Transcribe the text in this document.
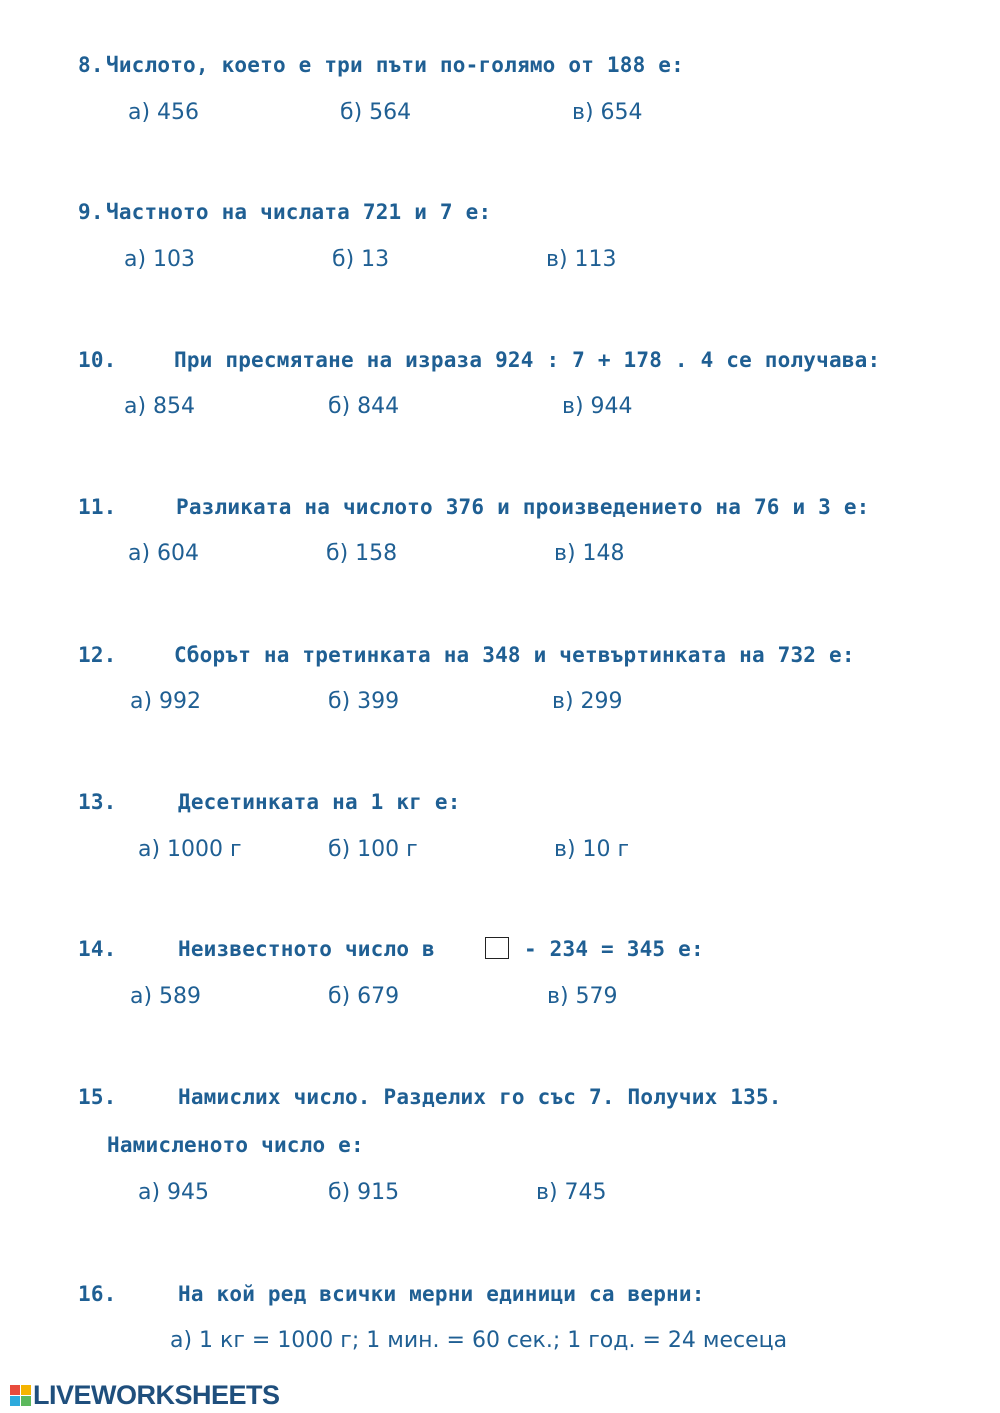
8. Числото, което е три пъти по-голямо от 188 е:
а) 456	б) 564	в) 654
9. Частното на числата 721 и 7 е:
а) 103	б) 13	в) 113
10.	При пресмятане на израза 924 : 7 + 178 . 4 се получава:
а) 854	б) 844	в) 944
11.	Разликата на числото 376 и произведението на 76 и 3 е:
а) 604	б) 158	в) 148
12.	Сборът на третинката на 348 и четвъртинката на 732 е:
а) 992	б) 399	в) 299
13.	Десетинката на 1 кг е:
а) 1000 г	б) 100 г	в) 10 г
14.	Неизвестното число в	- 234 = 345 е:
а) 589	б) 679	в) 579
15.	Намислих число. Разделих го със 7. Получих 135.
Намисленото число е:
а) 945	б) 915	в) 745
16.	На кой ред всички мерни единици са верни:
а) 1 кг = 1000 г; 1 мин. = 60 сек.; 1 год. = 24 месеца
LIVEWORKSHEETS
